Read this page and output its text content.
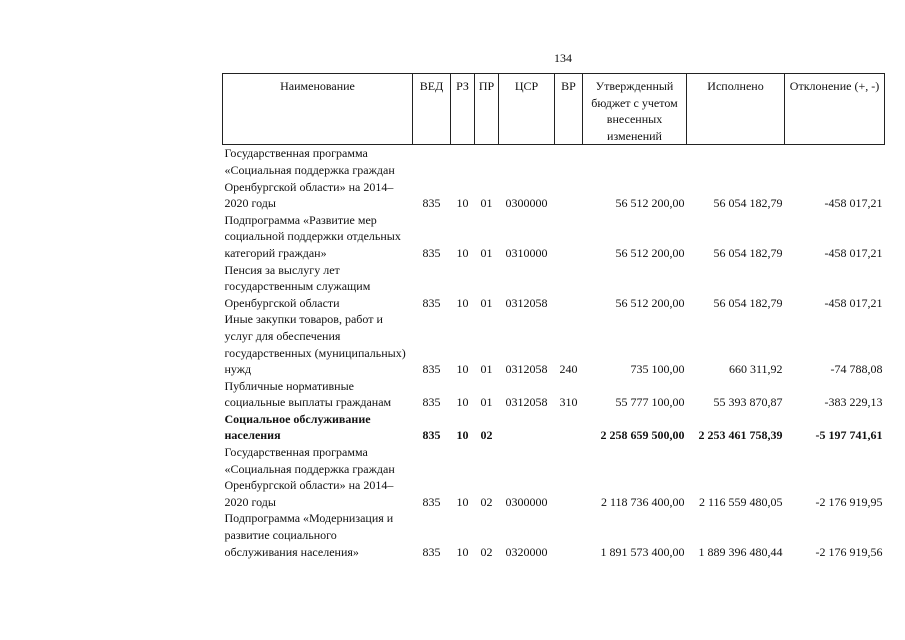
134
Наименование	ВЕД	РЗ	ПР	ЦСР	ВР	Утвержденный бюджет с учетом внесенных изменений	Исполнено	Отклонение (+, -)
Государственная программа «Социальная поддержка граждан Оренбургской области» на 2014–2020 годы	835	10	01	0300000		56 512 200,00	56 054 182,79	-458 017,21
Подпрограмма «Развитие мер социальной поддержки отдельных категорий граждан»	835	10	01	0310000		56 512 200,00	56 054 182,79	-458 017,21
Пенсия за выслугу лет государственным служащим Оренбургской области	835	10	01	0312058		56 512 200,00	56 054 182,79	-458 017,21
Иные закупки товаров, работ и услуг для обеспечения государственных (муниципальных) нужд	835	10	01	0312058	240	735 100,00	660 311,92	-74 788,08
Публичные нормативные социальные выплаты гражданам	835	10	01	0312058	310	55 777 100,00	55 393 870,87	-383 229,13
Социальное обслуживание населения	835	10	02			2 258 659 500,00	2 253 461 758,39	-5 197 741,61
Государственная программа «Социальная поддержка граждан Оренбургской области» на 2014–2020 годы	835	10	02	0300000		2 118 736 400,00	2 116 559 480,05	-2 176 919,95
Подпрограмма «Модернизация и развитие социального обслуживания населения»	835	10	02	0320000		1 891 573 400,00	1 889 396 480,44	-2 176 919,56
